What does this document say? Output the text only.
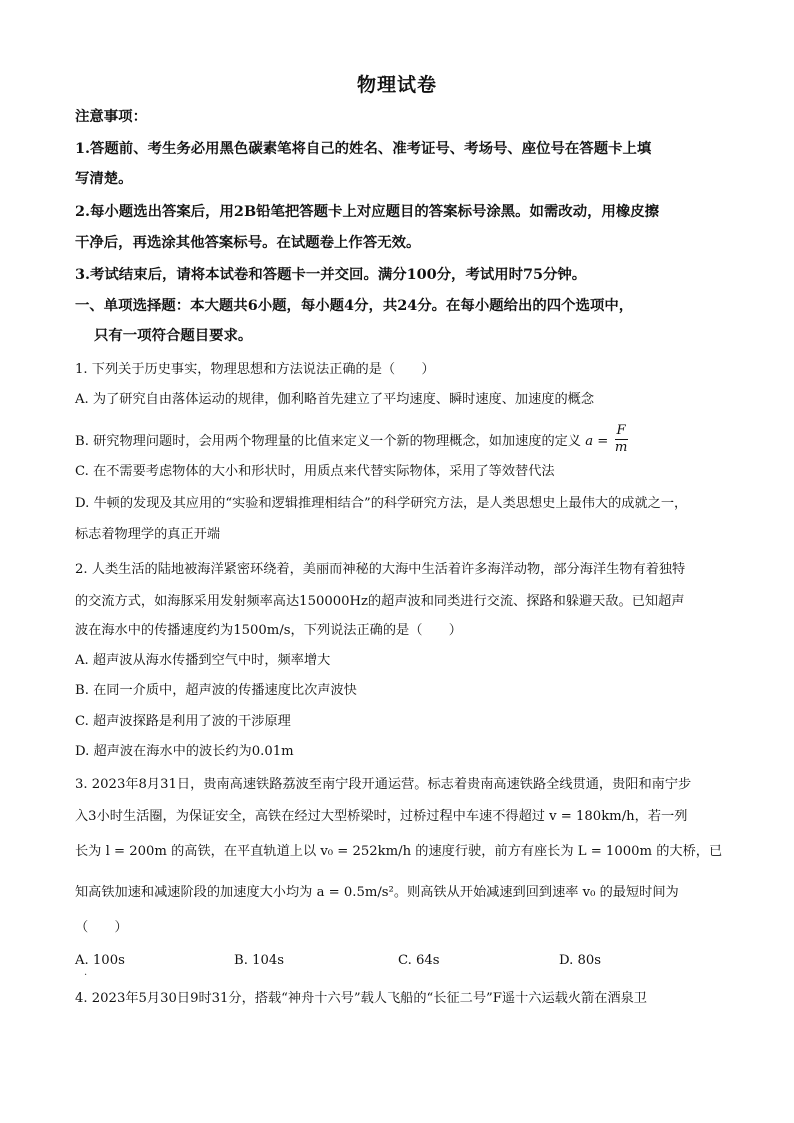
物理试卷
注意事项：
1.答题前、考生务必用黑色碳素笔将自己的姓名、准考证号、考场号、座位号在答题卡上填
写清楚。
2.每小题选出答案后，用2B铅笔把答题卡上对应题目的答案标号涂黑。如需改动，用橡皮擦
干净后，再选涂其他答案标号。在试题卷上作答无效。
3.考试结束后，请将本试卷和答题卡一并交回。满分100分，考试用时75分钟。
一、单项选择题：本大题共6小题，每小题4分，共24分。在每小题给出的四个选项中，
只有一项符合题目要求。
1. 下列关于历史事实，物理思想和方法说法正确的是（　　）
A. 为了研究自由落体运动的规律，伽利略首先建立了平均速度、瞬时速度、加速度的概念
B. 研究物理问题时，会用两个物理量的比值来定义一个新的物理概念，如加速度的定义 $a = \frac{F}{m}$
C. 在不需要考虑物体的大小和形状时，用质点来代替实际物体，采用了等效替代法
D. 牛顿的发现及其应用的“实验和逻辑推理相结合”的科学研究方法，是人类思想史上最伟大的成就之一，
标志着物理学的真正开端
2. 人类生活的陆地被海洋紧密环绕着，美丽而神秘的大海中生活着许多海洋动物，部分海洋生物有着独特
的交流方式，如海豚采用发射频率高达150000Hz的超声波和同类进行交流、探路和躲避天敌。已知超声
波在海水中的传播速度约为1500m/s，下列说法正确的是（　　）
A. 超声波从海水传播到空气中时，频率增大
B. 在同一介质中，超声波的传播速度比次声波快
C. 超声波探路是利用了波的干涉原理
D. 超声波在海水中的波长约为0.01m
3. 2023年8月31日，贵南高速铁路荔波至南宁段开通运营。标志着贵南高速铁路全线贯通，贵阳和南宁步
入3小时生活圈，为保证安全，高铁在经过大型桥梁时，过桥过程中车速不得超过 v = 180km/h，若一列
长为 l = 200m 的高铁，在平直轨道上以 v₀ = 252km/h 的速度行驶，前方有座长为 L = 1000m 的大桥，已
知高铁加速和减速阶段的加速度大小均为 a = 0.5m/s²。则高铁从开始减速到回到速率 v₀ 的最短时间为
（　　）
A. 100s	B. 104s	C. 64s	D. 80s
·
4. 2023年5月30日9时31分，搭载“神舟十六号”载人飞船的“长征二号”F遥十六运载火箭在酒泉卫
